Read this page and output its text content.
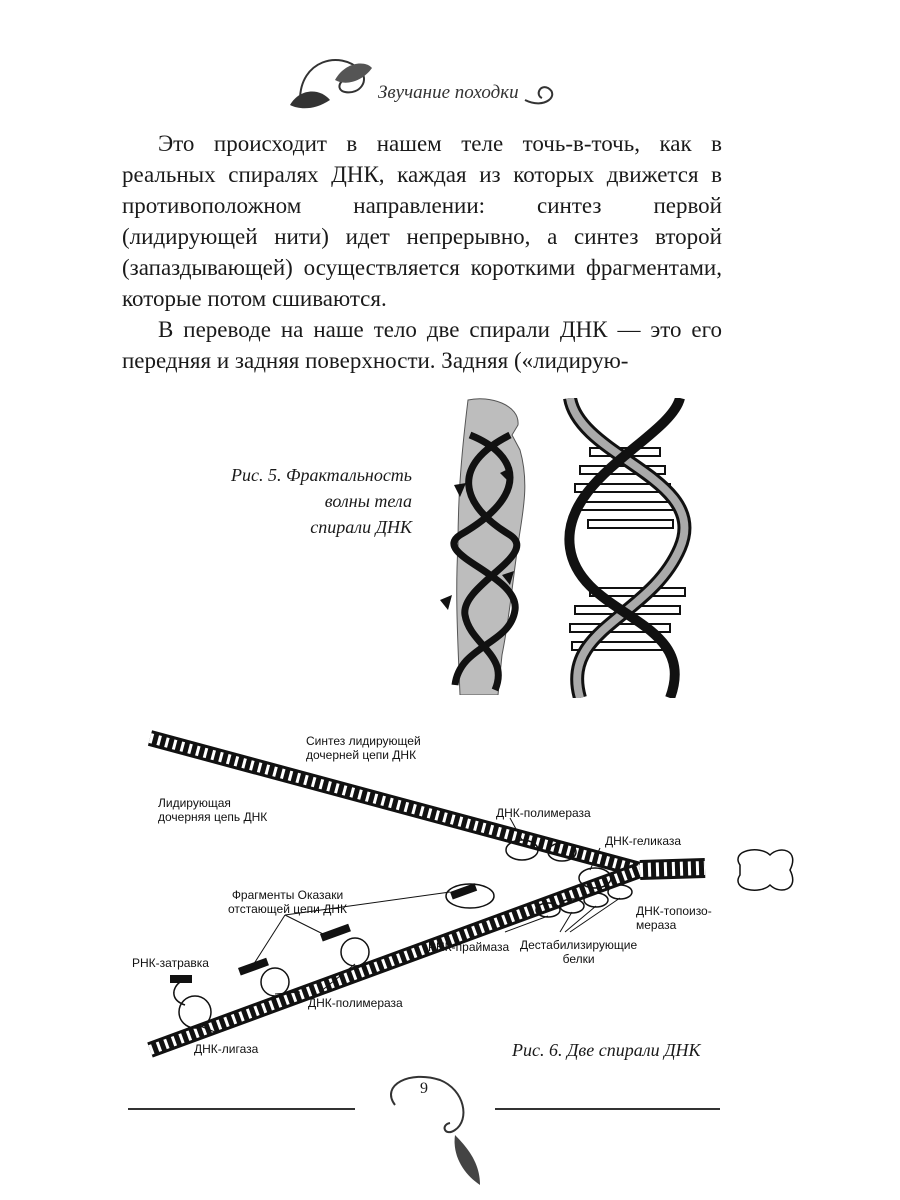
Звучание походки
Это происходит в нашем теле точь-в-точь, как в реальных спиралях ДНК, каждая из которых движется в противоположном направлении: синтез первой (лидирующей нити) идет непрерывно, а синтез второй (запаздывающей) осуществляется короткими фрагментами, которые потом сшиваются.
В переводе на наше тело две спирали ДНК — это его передняя и задняя поверхности. Задняя («лидирую-
Рис. 5. Фрактальность
волны тела
спирали ДНК
Синтез лидирующей
дочерней цепи ДНК
Лидирующая
дочерняя цепь ДНК	ДНК-полимераза
ДНК-геликаза
Фрагменты Оказаки
отстающей цепи ДНК	ДНК-топоизо-
мераза
РНК-праймаза Дестабилизирующие
белки
РНК-затравка
ДНК-полимераза
ДНК-лигаза	Рис. 6. Две спирали ДНК
9
